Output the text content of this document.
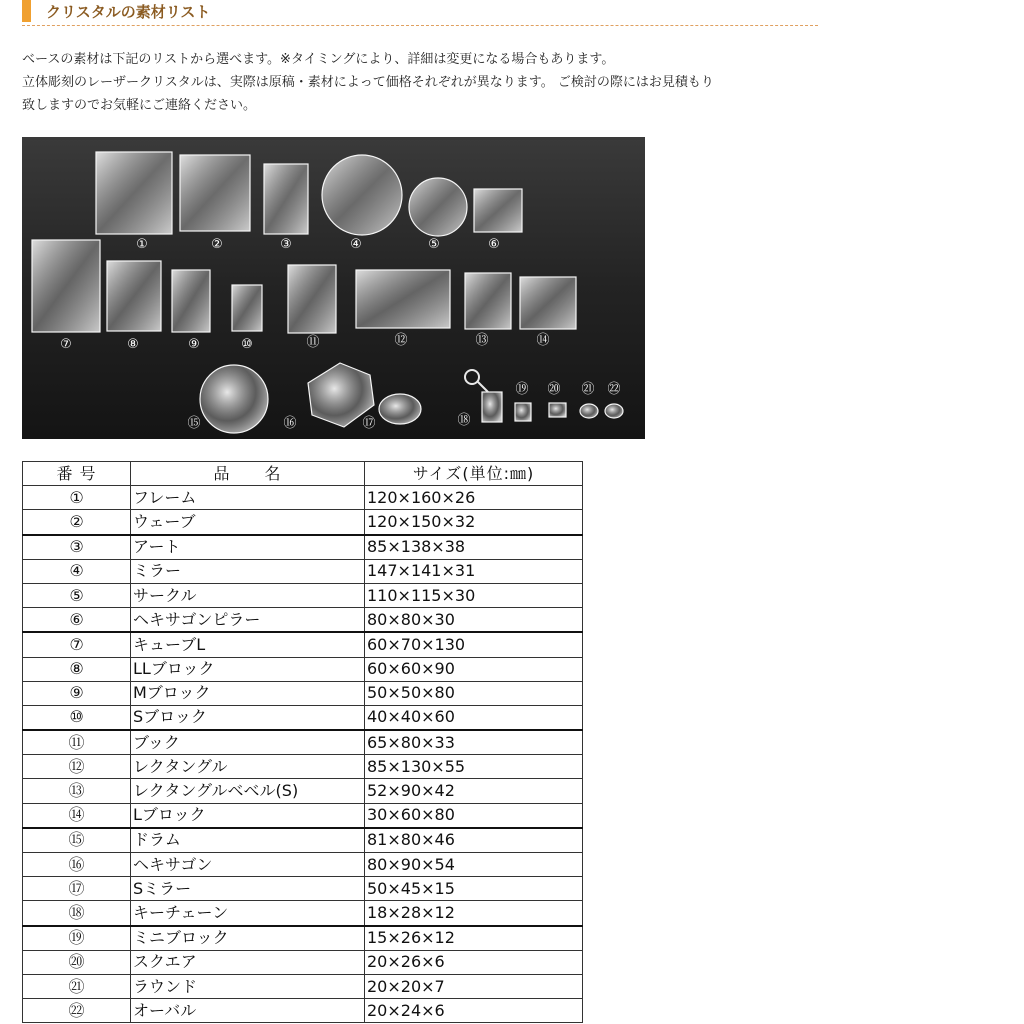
クリスタルの素材リスト

ベースの素材は下記のリストから選べます。※タイミングにより、詳細は変更になる場合もあります。

立体彫刻のレーザークリスタルは、実際は原稿・素材によって価格それぞれが異なります。 ご検討の際にはお見積もり

致しますのでお気軽にご連絡ください。

①	②	③	④	⑤	⑥
⑦	⑧	⑨	⑩	⑪	⑫	⑬	⑭
⑮	⑯	⑰	⑱
⑲ ⑳ ㉑ ㉒
番 号	品　　名	サイズ(単位:㎜)
①	フレーム	120×160×26
②	ウェーブ	120×150×32
③	アート	85×138×38
④	ミラー	147×141×31
⑤	サークル	110×115×30
⑥	ヘキサゴンピラー	80×80×30
⑦	キューブL	60×70×130
⑧	LLブロック	60×60×90
⑨	Mブロック	50×50×80
⑩	Sブロック	40×40×60
⑪	ブック	65×80×33
⑫	レクタングル	85×130×55
⑬	レクタングルベベル(S)	52×90×42
⑭	Lブロック	30×60×80
⑮	ドラム	81×80×46
⑯	ヘキサゴン	80×90×54
⑰	Sミラー	50×45×15
⑱	キーチェーン	18×28×12
⑲	ミニブロック	15×26×12
⑳	スクエア	20×26×6
㉑	ラウンド	20×20×7
㉒	オーバル	20×24×6
